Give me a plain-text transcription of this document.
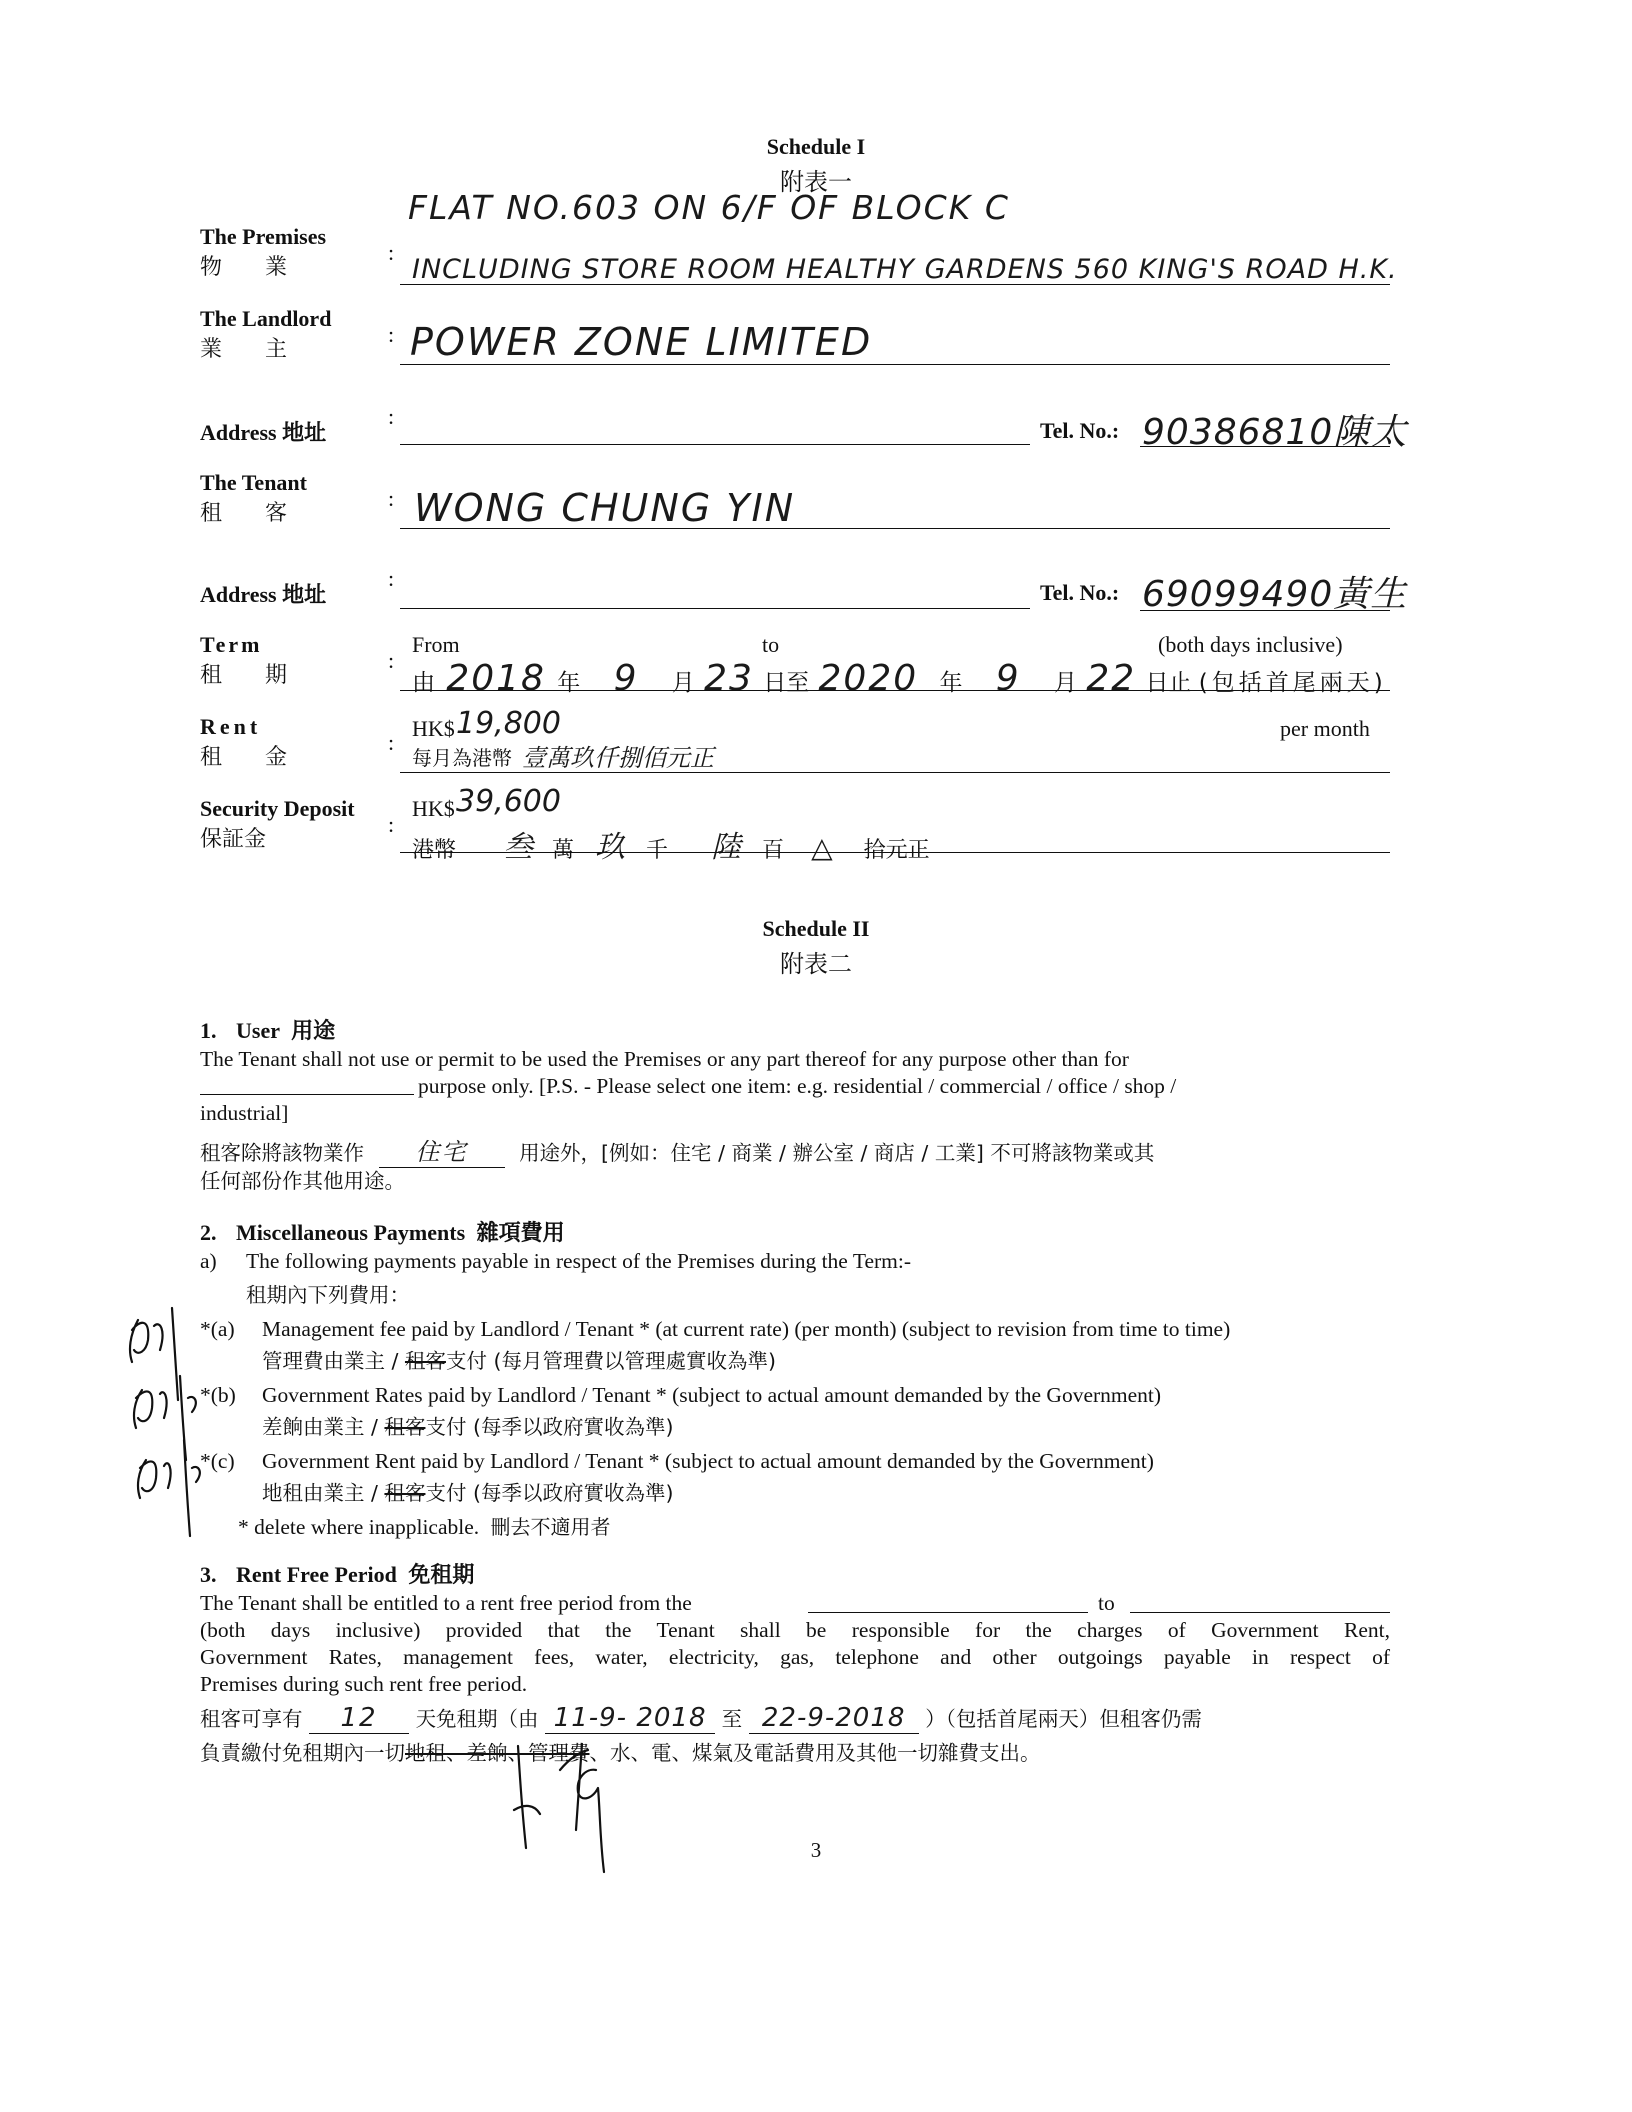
Schedule I
附表一
The Premises
物 業
:
FLAT NO.603 ON 6/F OF BLOCK C
INCLUDING STORE ROOM HEALTHY GARDENS 560 KING'S ROAD H.K.
The Landlord
業 主
: POWER ZONE LIMITED
Address 地址
:
Tel. No.: 90386810陳太
The Tenant
租 客
: WONG CHUNG YIN
Address 地址
:
Tel. No.: 69099490黃生
Term
租 期
:
From	to	(both days inclusive)
由 2018 年 9 月 23 日至 2020 年 9 月 22 日止 (包括首尾兩天)
Rent
租 金
:
HK$ 19,800	per month
每月為港幣 壹萬玖仟捌佰元正
Security Deposit
保証金
:
HK$ 39,600
港幣 叁 萬 玖 千 陸 百 △ 拾元正
Schedule II
附表二
1. User 用途
The Tenant shall not use or permit to be used the Premises or any part thereof for any purpose other than for
purpose only. [P.S. - Please select one item: e.g. residential / commercial / office / shop /
industrial]
租客除將該物業作 住宅	用途外，[例如：住宅 / 商業 / 辦公室 / 商店 / 工業] 不可將該物業或其
任何部份作其他用途。
2. Miscellaneous Payments 雜項費用
a) The following payments payable in respect of the Premises during the Term:-
租期內下列費用：
*(a) Management fee paid by Landlord / Tenant * (at current rate) (per month) (subject to revision from time to time)
管理費由業主 / 租客支付 (每月管理費以管理處實收為準)
*(b) Government Rates paid by Landlord / Tenant * (subject to actual amount demanded by the Government)
差餉由業主 / 租客支付 (每季以政府實收為準)
*(c) Government Rent paid by Landlord / Tenant * (subject to actual amount demanded by the Government)
地租由業主 / 租客支付 (每季以政府實收為準)
* delete where inapplicable. 刪去不適用者
3. Rent Free Period 免租期
The Tenant shall be entitled to a rent free period from the	to
(both days inclusive) provided that the Tenant shall be responsible for the charges of Government Rent,
Government Rates, management fees, water, electricity, gas, telephone and other outgoings payable in respect of
Premises during such rent free period.
租客可享有 12 天免租期（由 11-9- 2018 至 22-9-2018 ）（包括首尾兩天）但租客仍需
負責繳付免租期內一切地租、差餉、管理費、水、電、煤氣及電話費用及其他一切雜費支出。
3
